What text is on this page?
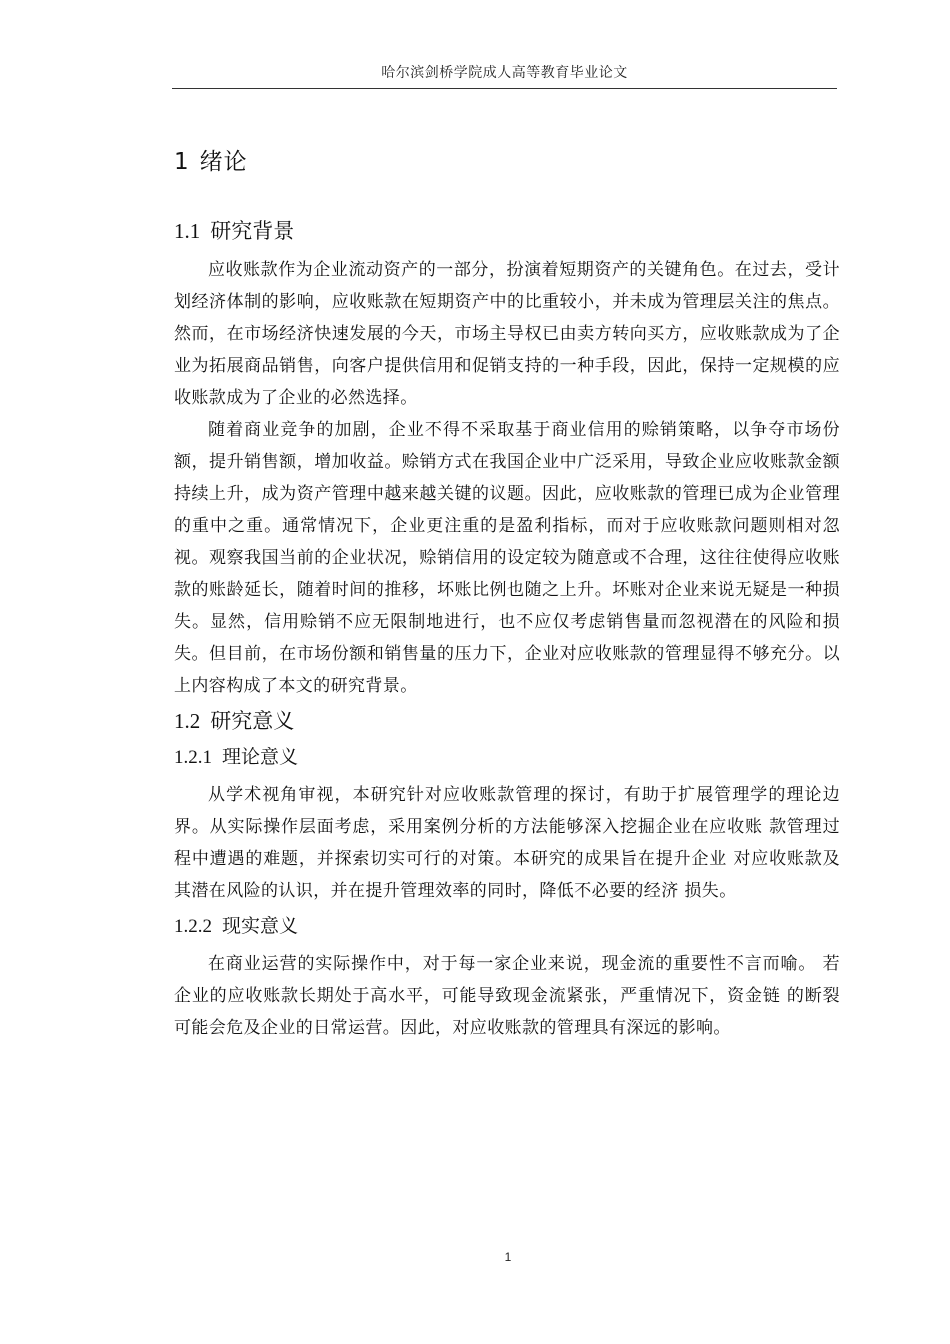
哈尔滨剑桥学院成人高等教育毕业论文
1 绪论
1.1 研究背景

应收账款作为企业流动资产的一部分，扮演着短期资产的关键角色。在过去，受计划经济体制的影响，应收账款在短期资产中的比重较小，并未成为管理层关注的焦点。然而，在市场经济快速发展的今天，市场主导权已由卖方转向买方，应收账款成为了企业为拓展商品销售，向客户提供信用和促销支持的一种手段，因此，保持一定规模的应收账款成为了企业的必然选择。

随着商业竞争的加剧，企业不得不采取基于商业信用的赊销策略，以争夺市场份额，提升销售额，增加收益。赊销方式在我国企业中广泛采用，导致企业应收账款金额持续上升，成为资产管理中越来越关键的议题。因此，应收账款的管理已成为企业管理的重中之重。通常情况下，企业更注重的是盈利指标，而对于应收账款问题则相对忽视。观察我国当前的企业状况，赊销信用的设定较为随意或不合理，这往往使得应收账款的账龄延长，随着时间的推移，坏账比例也随之上升。坏账对企业来说无疑是一种损失。显然，信用赊销不应无限制地进行，也不应仅考虑销售量而忽视潜在的风险和损失。但目前，在市场份额和销售量的压力下，企业对应收账款的管理显得不够充分。以上内容构成了本文的研究背景。

1.2 研究意义
1.2.1 理论意义

从学术视角审视，本研究针对应收账款管理的探讨，有助于扩展管理学的理论边界。从实际操作层面考虑，采用案例分析的方法能够深入挖掘企业在应收账 款管理过程中遭遇的难题，并探索切实可行的对策。本研究的成果旨在提升企业 对应收账款及其潜在风险的认识，并在提升管理效率的同时，降低不必要的经济 损失。

1.2.2 现实意义

在商业运营的实际操作中，对于每一家企业来说，现金流的重要性不言而喻。 若企业的应收账款长期处于高水平，可能导致现金流紧张，严重情况下，资金链 的断裂可能会危及企业的日常运营。因此，对应收账款的管理具有深远的影响。

1
